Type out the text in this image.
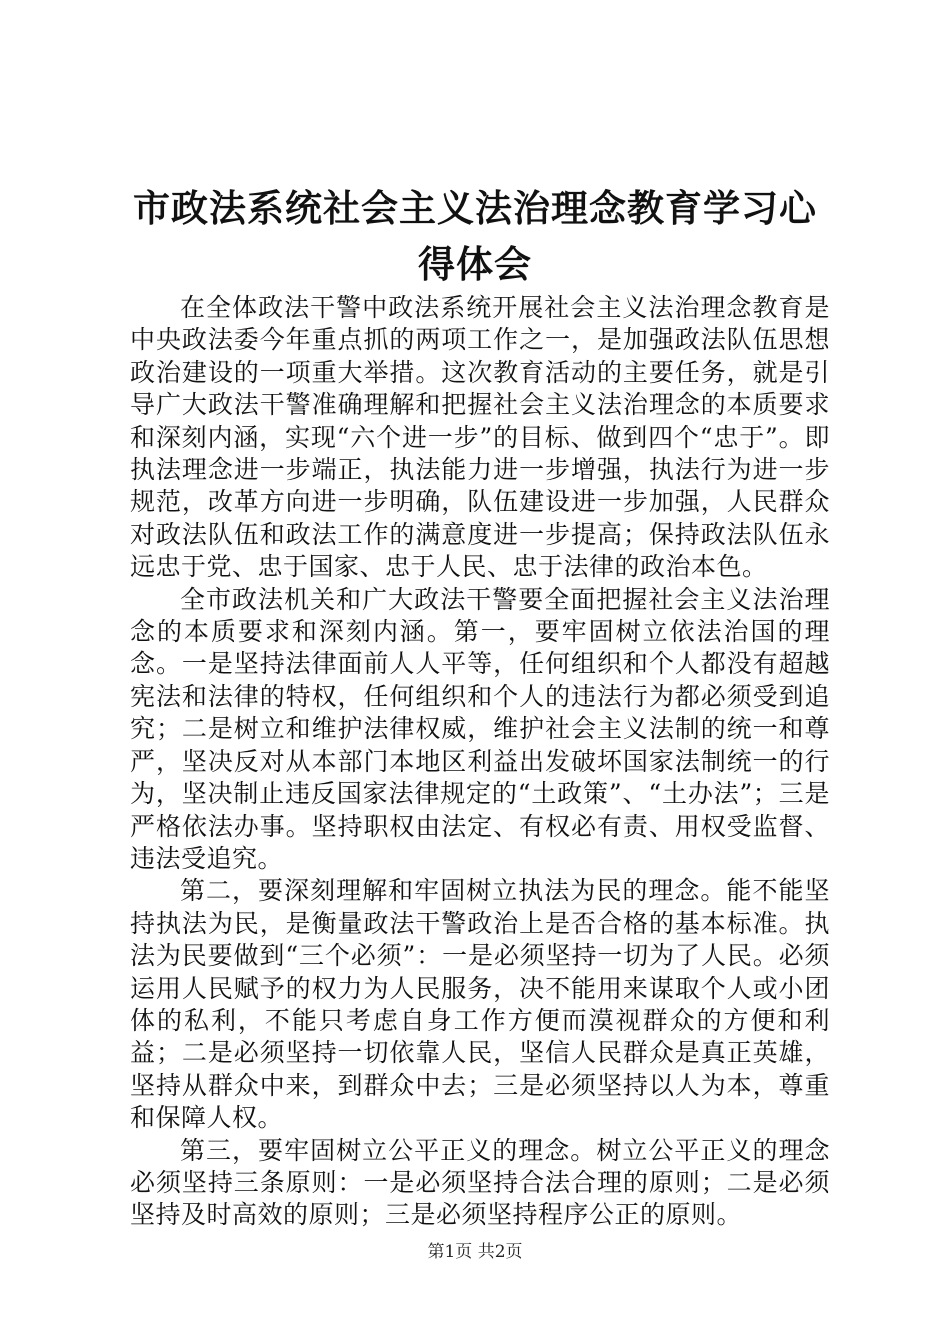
市政法系统社会主义法治理念教育学习心得体会

在全体政法干警中政法系统开展社会主义法治理念教育是中央政法委今年重点抓的两项工作之一，是加强政法队伍思想政治建设的一项重大举措。这次教育活动的主要任务，就是引导广大政法干警准确理解和把握社会主义法治理念的本质要求和深刻内涵，实现“六个进一步”的目标、做到四个“忠于”。即执法理念进一步端正，执法能力进一步增强，执法行为进一步规范，改革方向进一步明确，队伍建设进一步加强，人民群众对政法队伍和政法工作的满意度进一步提高；保持政法队伍永远忠于党、忠于国家、忠于人民、忠于法律的政治本色。

全市政法机关和广大政法干警要全面把握社会主义法治理念的本质要求和深刻内涵。第一，要牢固树立依法治国的理念。一是坚持法律面前人人平等，任何组织和个人都没有超越宪法和法律的特权，任何组织和个人的违法行为都必须受到追究；二是树立和维护法律权威，维护社会主义法制的统一和尊严，坚决反对从本部门本地区利益出发破坏国家法制统一的行为，坚决制止违反国家法律规定的“土政策”、“土办法”；三是严格依法办事。坚持职权由法定、有权必有责、用权受监督、违法受追究。

第二，要深刻理解和牢固树立执法为民的理念。能不能坚持执法为民，是衡量政法干警政治上是否合格的基本标准。执法为民要做到“三个必须”：一是必须坚持一切为了人民。必须运用人民赋予的权力为人民服务，决不能用来谋取个人或小团体的私利，不能只考虑自身工作方便而漠视群众的方便和利益；二是必须坚持一切依靠人民，坚信人民群众是真正英雄，坚持从群众中来，到群众中去；三是必须坚持以人为本，尊重和保障人权。

第三，要牢固树立公平正义的理念。树立公平正义的理念必须坚持三条原则：一是必须坚持合法合理的原则；二是必须坚持及时高效的原则；三是必须坚持程序公正的原则。

第1页 共2页
